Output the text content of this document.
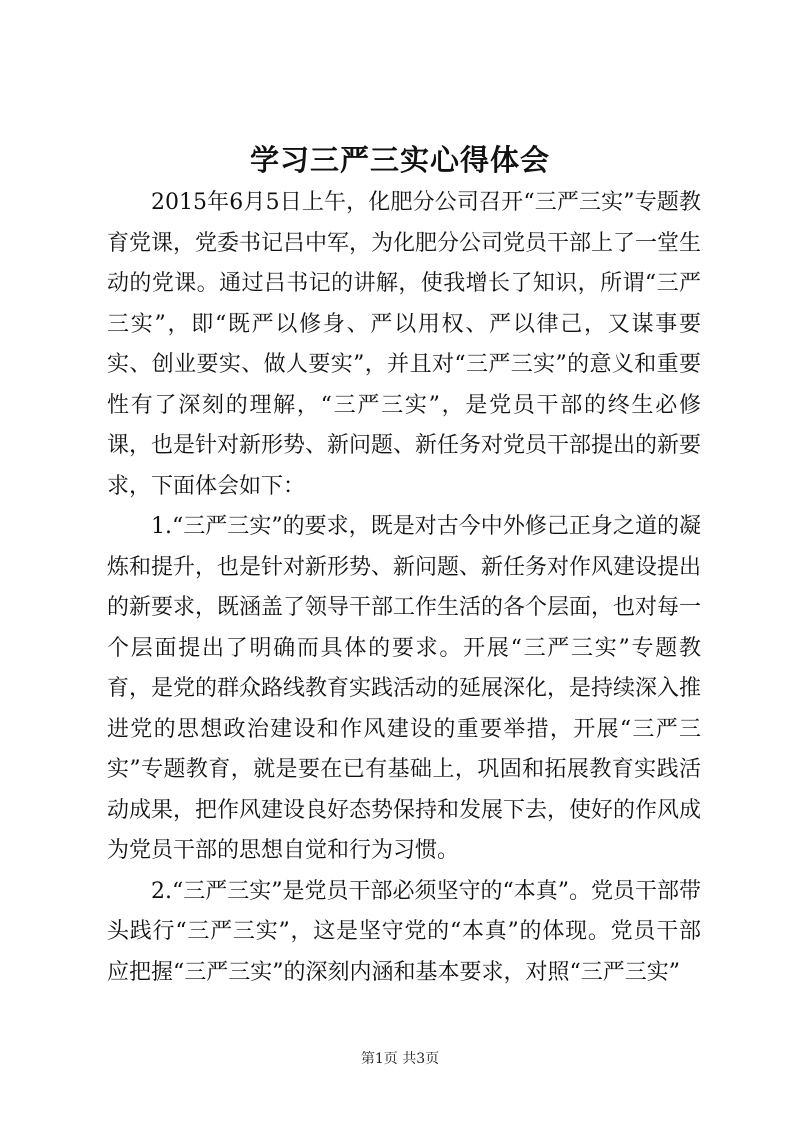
学习三严三实心得体会

2015年6月5日上午，化肥分公司召开“三严三实”专题教育党课，党委书记吕中军，为化肥分公司党员干部上了一堂生动的党课。通过吕书记的讲解，使我增长了知识，所谓“三严三实”，即“既严以修身、严以用权、严以律己，又谋事要实、创业要实、做人要实”，并且对“三严三实”的意义和重要性有了深刻的理解，“三严三实”，是党员干部的终生必修课，也是针对新形势、新问题、新任务对党员干部提出的新要求，下面体会如下：

1.“三严三实”的要求，既是对古今中外修己正身之道的凝炼和提升，也是针对新形势、新问题、新任务对作风建设提出的新要求，既涵盖了领导干部工作生活的各个层面，也对每一个层面提出了明确而具体的要求。开展“三严三实”专题教育，是党的群众路线教育实践活动的延展深化，是持续深入推进党的思想政治建设和作风建设的重要举措，开展“三严三实”专题教育，就是要在已有基础上，巩固和拓展教育实践活动成果，把作风建设良好态势保持和发展下去，使好的作风成为党员干部的思想自觉和行为习惯。

2.“三严三实”是党员干部必须坚守的“本真”。党员干部带头践行“三严三实”，这是坚守党的“本真”的体现。党员干部应把握“三严三实”的深刻内涵和基本要求，对照“三严三实”

第1页 共3页
